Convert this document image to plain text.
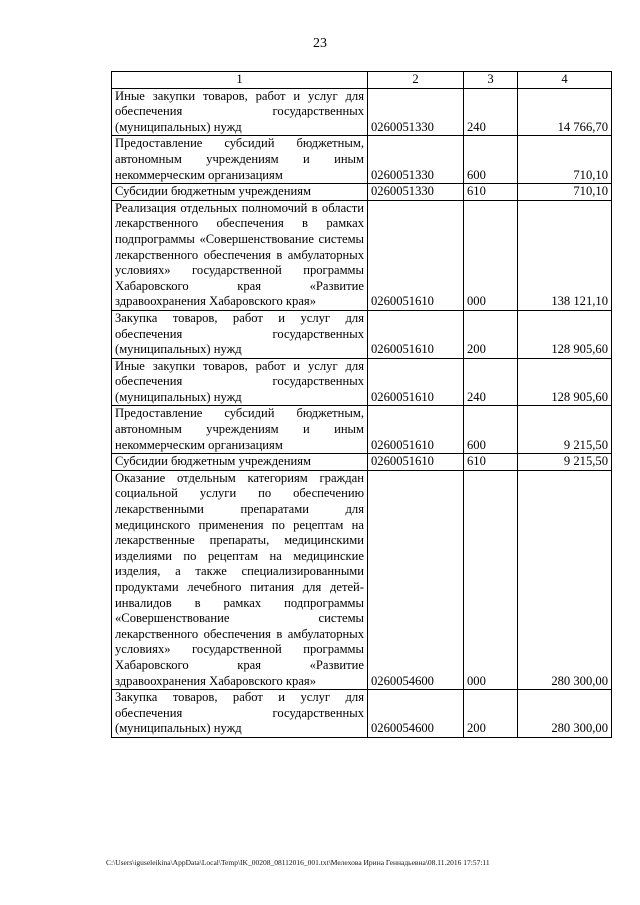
23
1	2	3	4
Иные закупки товаров, работ и услуг для обеспечения государственных (муниципальных) нужд	0260051330	240	14 766,70
Предоставление субсидий бюджетным, автономным учреждениям и иным некоммерческим организациям	0260051330	600	710,10
Субсидии бюджетным учреждениям	0260051330	610	710,10
Реализация отдельных полномочий в области лекарственного обеспечения в рамках подпрограммы «Совершенствование системы лекарственного обеспечения в амбулаторных условиях» государственной программы Хабаровского края «Развитие здравоохранения Хабаровского края»	0260051610	000	138 121,10
Закупка товаров, работ и услуг для обеспечения государственных (муниципальных) нужд	0260051610	200	128 905,60
Иные закупки товаров, работ и услуг для обеспечения государственных (муниципальных) нужд	0260051610	240	128 905,60
Предоставление субсидий бюджетным, автономным учреждениям и иным некоммерческим организациям	0260051610	600	9 215,50
Субсидии бюджетным учреждениям	0260051610	610	9 215,50
Оказание отдельным категориям граждан социальной услуги по обеспечению лекарственными препаратами для медицинского применения по рецептам на лекарственные препараты, медицинскими изделиями по рецептам на медицинские изделия, а также специализированными продуктами лечебного питания для детей-инвалидов в рамках подпрограммы «Совершенствование системы лекарственного обеспечения в амбулаторных условиях» государственной программы Хабаровского края «Развитие здравоохранения Хабаровского края»	0260054600	000	280 300,00
Закупка товаров, работ и услуг для обеспечения государственных (муниципальных) нужд	0260054600	200	280 300,00
C:\Users\iguseleikina\AppData\Local\Temp\IK_00208_08112016_001.txt\Мелехова Ирина Геннадьевна\08.11.2016 17:57:11
